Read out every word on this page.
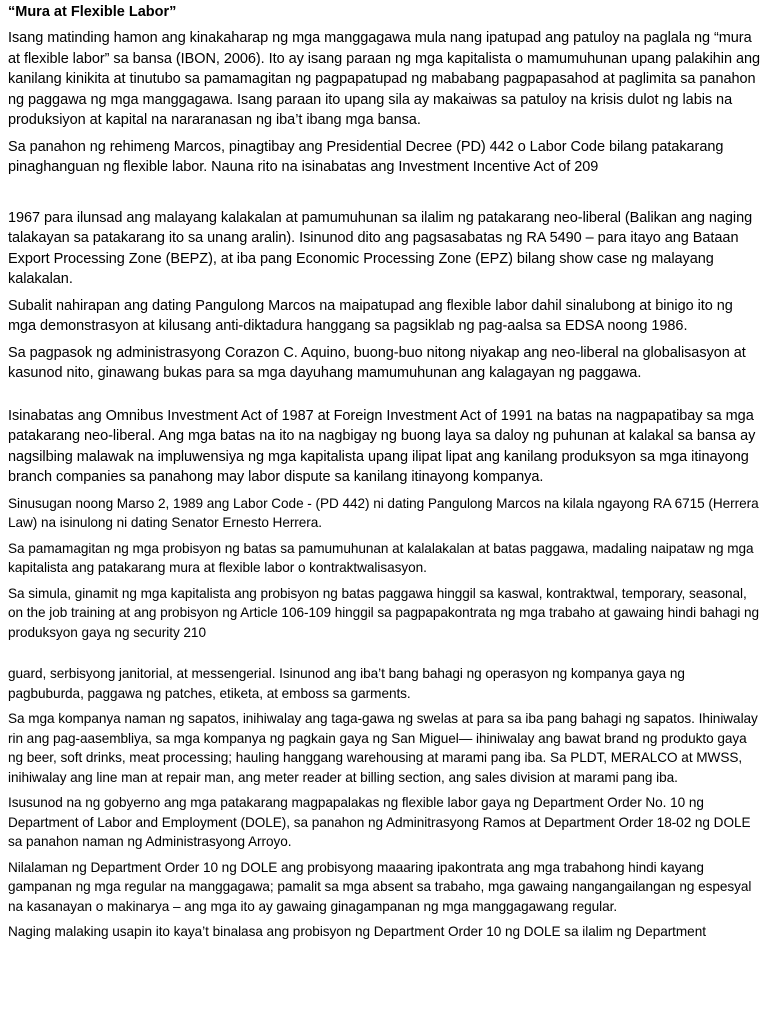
“Mura at Flexible Labor”

Isang matinding hamon ang kinakaharap ng mga manggagawa mula nang ipatupad ang patuloy na paglala ng “mura at flexible labor” sa bansa (IBON, 2006). Ito ay isang paraan ng mga kapitalista o mamumuhunan upang palakihin ang kanilang kinikita at tinutubo sa pamamagitan ng pagpapatupad ng mababang pagpapasahod at paglimita sa panahon ng paggawa ng mga manggagawa. Isang paraan ito upang sila ay makaiwas sa patuloy na krisis dulot ng labis na produksiyon at kapital na nararanasan ng iba’t ibang mga bansa.

Sa panahon ng rehimeng Marcos, pinagtibay ang Presidential Decree (PD) 442 o Labor Code bilang patakarang pinaghanguan ng flexible labor. Nauna rito na isinabatas ang Investment Incentive Act of 209

1967 para ilunsad ang malayang kalakalan at pamumuhunan sa ilalim ng patakarang neo-liberal (Balikan ang naging talakayan sa patakarang ito sa unang aralin). Isinunod dito ang pagsasabatas ng RA 5490 – para itayo ang Bataan Export Processing Zone (BEPZ), at iba pang Economic Processing Zone (EPZ) bilang show case ng malayang kalakalan.

Subalit nahirapan ang dating Pangulong Marcos na maipatupad ang flexible labor dahil sinalubong at binigo ito ng mga demonstrasyon at kilusang anti-diktadura hanggang sa pagsiklab ng pag-aalsa sa EDSA noong 1986.

Sa pagpasok ng administrasyong Corazon C. Aquino, buong-buo nitong niyakap ang neo-liberal na globalisasyon at kasunod nito, ginawang bukas para sa mga dayuhang mamumuhunan ang kalagayan ng paggawa.

Isinabatas ang Omnibus Investment Act of 1987 at Foreign Investment Act of 1991 na batas na nagpapatibay sa mga patakarang neo-liberal. Ang mga batas na ito na nagbigay ng buong laya sa daloy ng puhunan at kalakal sa bansa ay nagsilbing malawak na impluwensiya ng mga kapitalista upang ilipat lipat ang kanilang produksyon sa mga itinayong branch companies sa panahong may labor dispute sa kanilang itinayong kompanya.

Sinusugan noong Marso 2, 1989 ang Labor Code - (PD 442) ni dating Pangulong Marcos na kilala ngayong RA 6715 (Herrera Law) na isinulong ni dating Senator Ernesto Herrera.

Sa pamamagitan ng mga probisyon ng batas sa pamumuhunan at kalalakalan at batas paggawa, madaling naipataw ng mga kapitalista ang patakarang mura at flexible labor o kontraktwalisasyon.

Sa simula, ginamit ng mga kapitalista ang probisyon ng batas paggawa hinggil sa kaswal, kontraktwal, temporary, seasonal, on the job training at ang probisyon ng Article 106-109 hinggil sa pagpapakontrata ng mga trabaho at gawaing hindi bahagi ng produksyon gaya ng security 210

guard, serbisyong janitorial, at messengerial. Isinunod ang iba’t bang bahagi ng operasyon ng kompanya gaya ng pagbuburda, paggawa ng patches, etiketa, at emboss sa garments.

Sa mga kompanya naman ng sapatos, inihiwalay ang taga-gawa ng swelas at para sa iba pang bahagi ng sapatos. Ihiniwalay rin ang pag-aasembliya, sa mga kompanya ng pagkain gaya ng San Miguel— ihiniwalay ang bawat brand ng produkto gaya ng beer, soft drinks, meat processing; hauling hanggang warehousing at marami pang iba. Sa PLDT, MERALCO at MWSS, inihiwalay ang line man at repair man, ang meter reader at billing section, ang sales division at marami pang iba.

Isusunod na ng gobyerno ang mga patakarang magpapalakas ng flexible labor gaya ng Department Order No. 10 ng Department of Labor and Employment (DOLE), sa panahon ng Adminitrasyong Ramos at Department Order 18-02 ng DOLE sa panahon naman ng Administrasyong Arroyo.

Nilalaman ng Department Order 10 ng DOLE ang probisyong maaaring ipakontrata ang mga trabahong hindi kayang gampanan ng mga regular na manggagawa; pamalit sa mga absent sa trabaho, mga gawaing nangangailangan ng espesyal na kasanayan o makinarya – ang mga ito ay gawaing ginagampanan ng mga manggagawang regular.

Naging malaking usapin ito kaya’t binalasa ang probisyon ng Department Order 10 ng DOLE sa ilalim ng Department
